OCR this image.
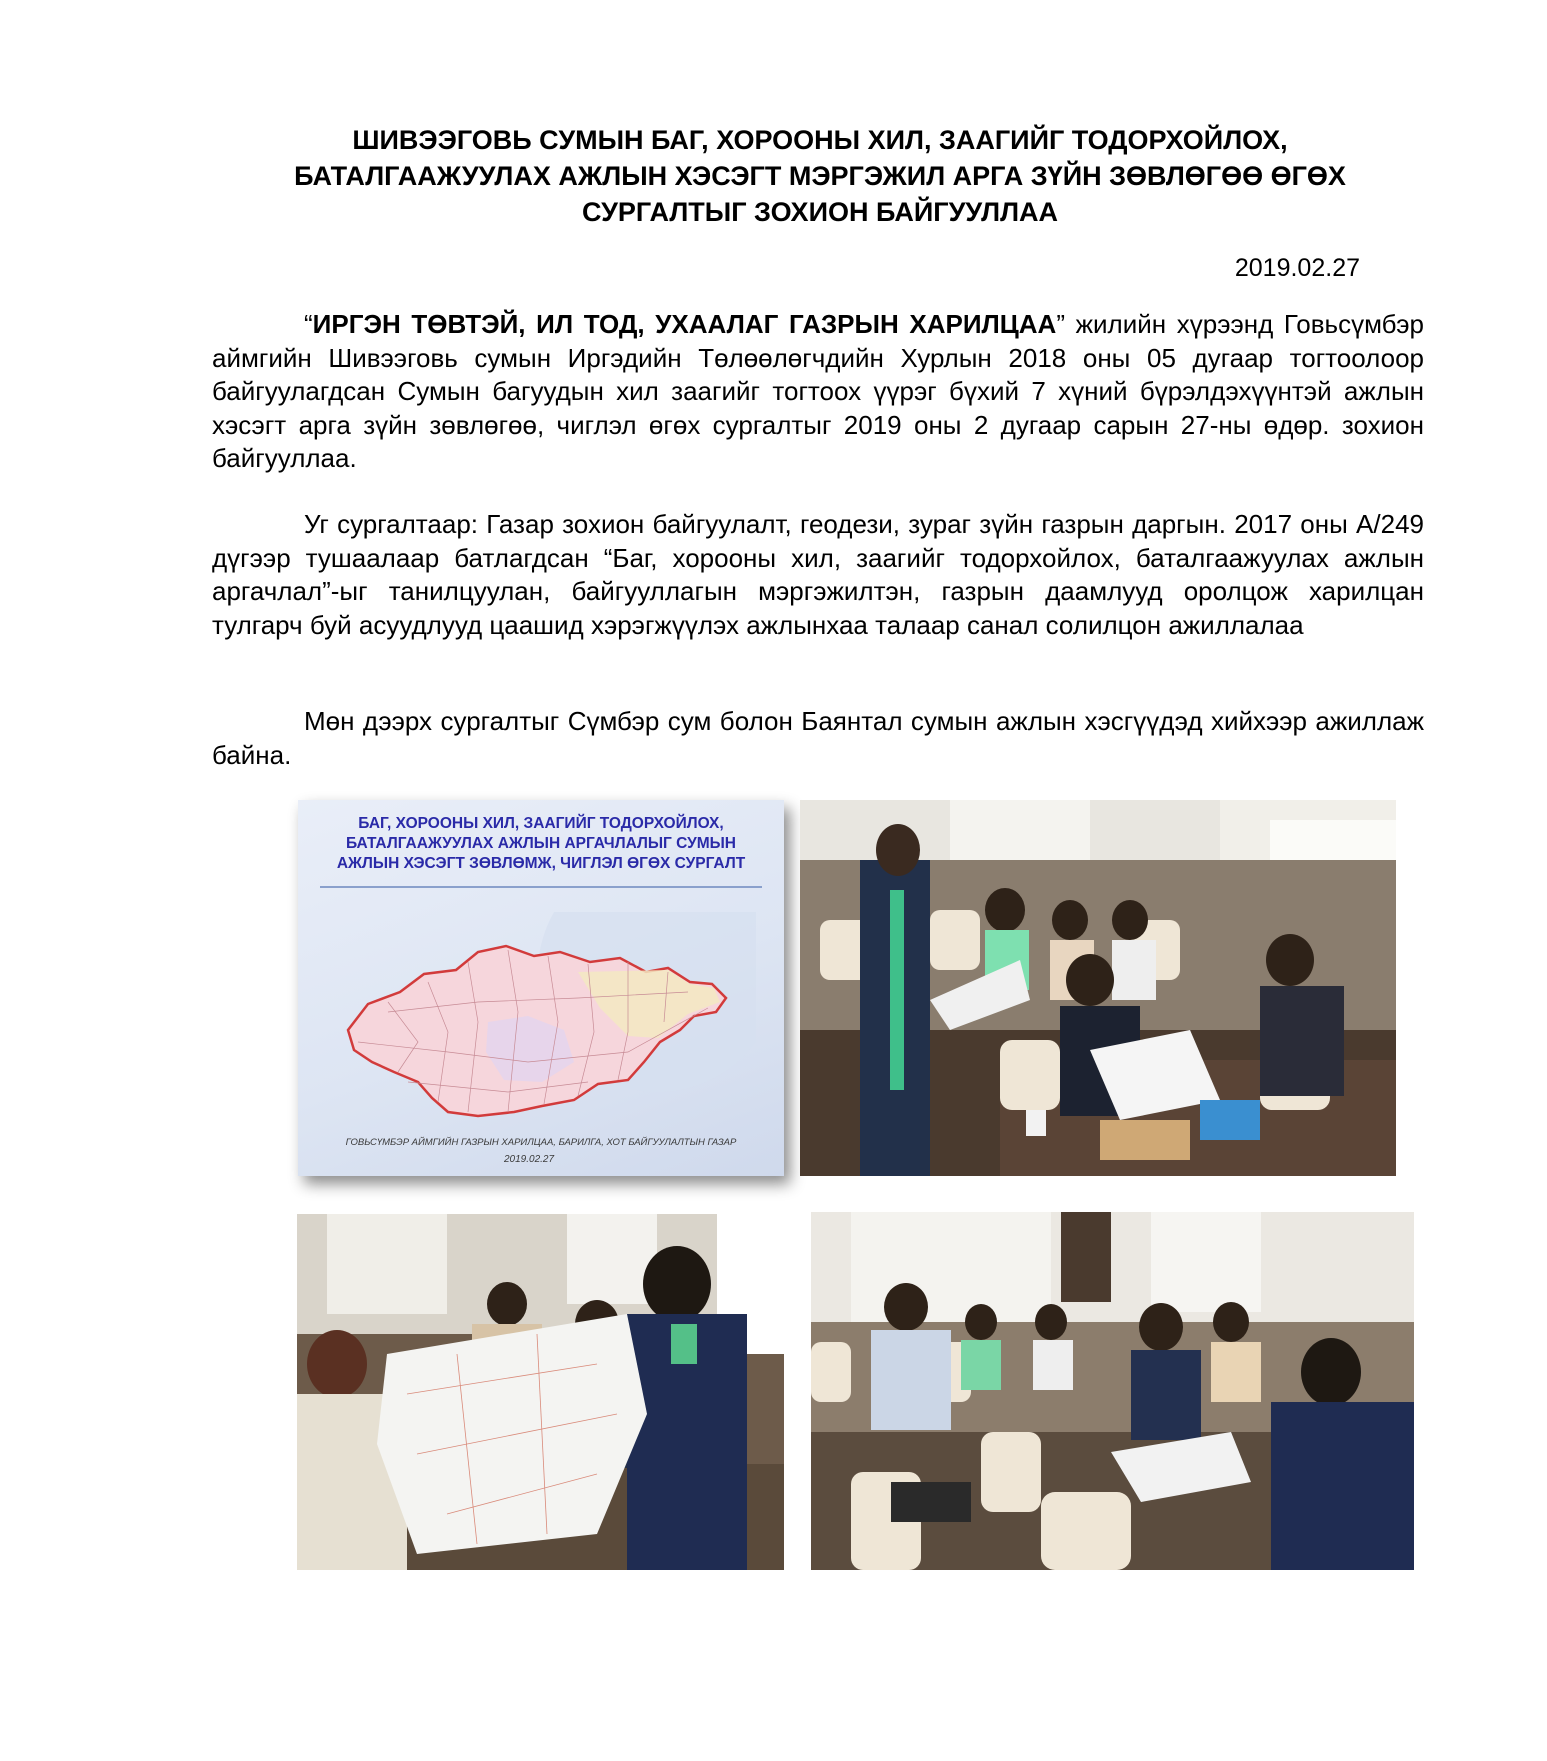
ШИВЭЭГОВЬ СУМЫН БАГ, ХОРООНЫ ХИЛ, ЗААГИЙГ ТОДОРХОЙЛОХ,
БАТАЛГААЖУУЛАХ АЖЛЫН ХЭСЭГТ МЭРГЭЖИЛ АРГА ЗҮЙН ЗӨВЛӨГӨӨ ӨГӨХ
СУРГАЛТЫГ ЗОХИОН БАЙГУУЛЛАА
2019.02.27

“ИРГЭН ТӨВТЭЙ, ИЛ ТОД, УХААЛАГ ГАЗРЫН ХАРИЛЦАА” жилийн хүрээнд Говьсүмбэр аймгийн Шивээговь сумын Иргэдийн Төлөөлөгчдийн Хурлын 2018 оны 05 дугаар тогтоолоор байгуулагдсан Сумын багуудын хил заагийг тогтоох үүрэг бүхий 7 хүний бүрэлдэхүүнтэй ажлын хэсэгт арга зүйн зөвлөгөө, чиглэл өгөх сургалтыг 2019 оны 2 дугаар сарын 27-ны өдөр. зохион байгууллаа.

Уг сургалтаар: Газар зохион байгуулалт, геодези, зураг зүйн газрын даргын. 2017 оны А/249 дүгээр тушаалаар батлагдсан “Баг, хорооны хил, заагийг тодорхойлох, баталгаажуулах ажлын аргачлал”-ыг танилцуулан, байгууллагын мэргэжилтэн, газрын даамлууд оролцож харилцан тулгарч буй асуудлууд цаашид хэрэгжүүлэх ажлынхаа талаар санал солилцон ажиллалаа

Мөн дээрх сургалтыг Сүмбэр сум болон Баянтал сумын ажлын хэсгүүдэд хийхээр ажиллаж байна.

БАГ, ХОРООНЫ ХИЛ, ЗААГИЙГ ТОДОРХОЙЛОХ,
БАТАЛГААЖУУЛАХ АЖЛЫН АРГАЧЛАЛЫГ СУМЫН
АЖЛЫН ХЭСЭГТ ЗӨВЛӨМЖ, ЧИГЛЭЛ ӨГӨХ СУРГАЛТ
ГОВЬСҮМБЭР АЙМГИЙН ГАЗРЫН ХАРИЛЦАА, БАРИЛГА, ХОТ БАЙГУУЛАЛТЫН ГАЗАР
2019.02.27
